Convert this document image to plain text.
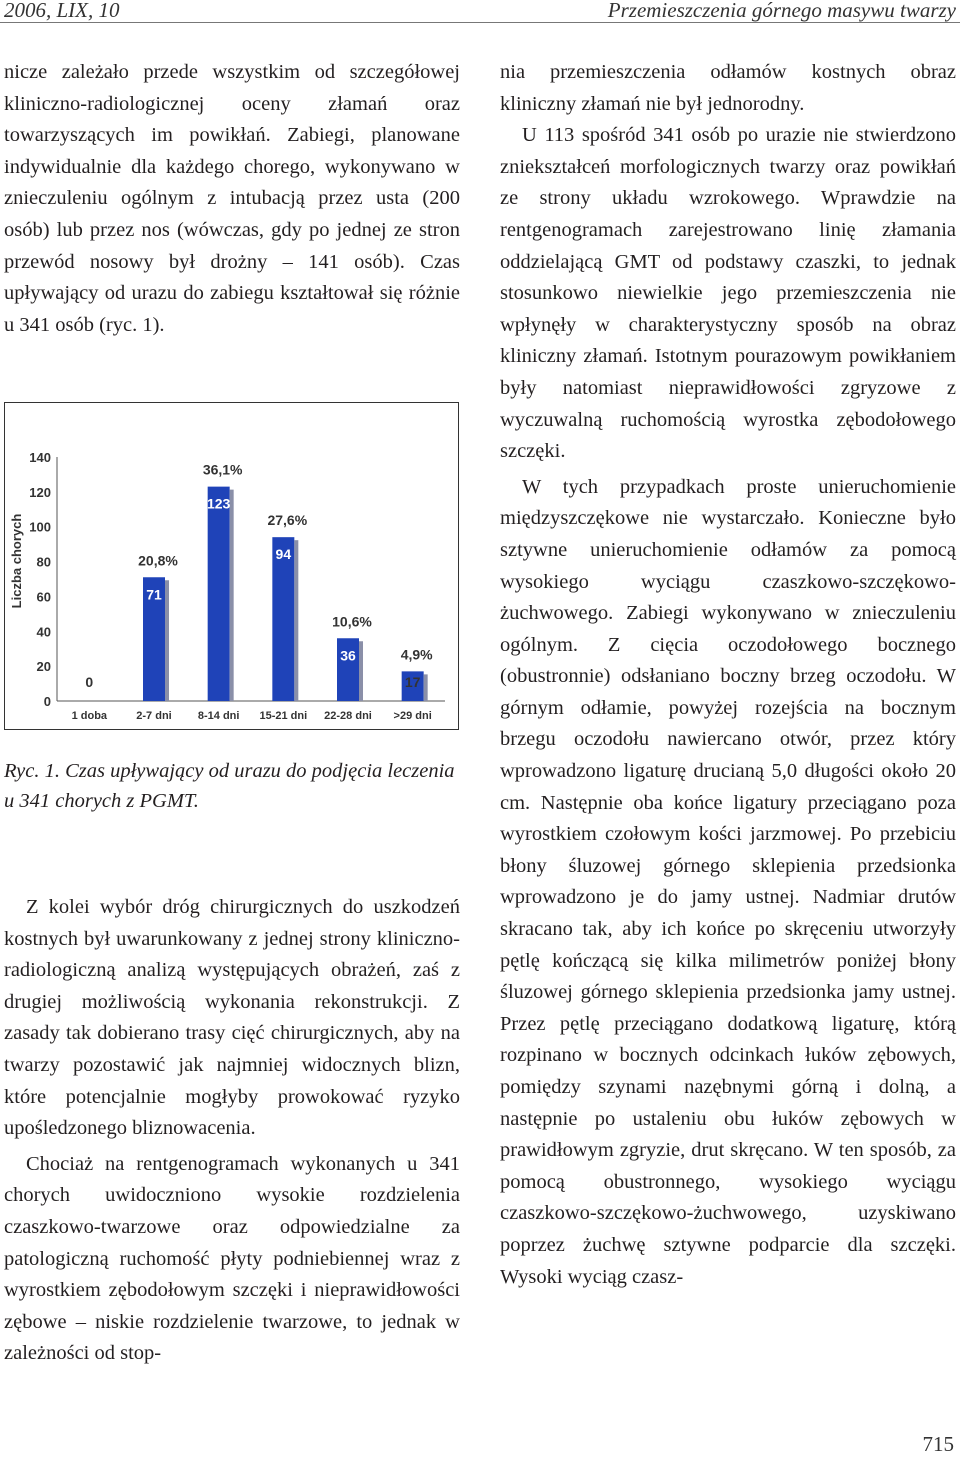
2006, LIX, 10	Przemieszczenia górnego masywu twarzy

nicze zależało przede wszystkim od szczegółowej kliniczno-radiologicznej oceny złamań oraz towarzyszących im powikłań. Zabiegi, planowane indywidualnie dla każdego chorego, wykonywano w znieczuleniu ogólnym z intubacją przez usta (200 osób) lub przez nos (wówczas, gdy po jednej ze stron przewód nosowy był drożny – 141 osób). Czas upływający od urazu do zabiegu kształtował się różnie u 341 osób (ryc. 1).

0
20
40
60
80
100
120
140
Liczba chorych
0
1 doba
71
20,8%
2-7 dni
123
36,1%
8-14 dni
94
27,6%
15-21 dni
36
10,6%
22-28 dni
17
4,9%
>29 dni
Ryc. 1. Czas upływający od urazu do podjęcia leczenia u 341 chorych z PGMT.

Z kolei wybór dróg chirurgicznych do uszkodzeń kostnych był uwarunkowany z jednej strony kliniczno-radiologiczną analizą występujących obrażeń, zaś z drugiej możliwością wykonania rekonstrukcji. Z zasady tak dobierano trasy cięć chirurgicznych, aby na twarzy pozostawić jak najmniej widocznych blizn, które potencjalnie mogłyby prowokować ryzyko upośledzonego bliznowacenia.

Chociaż na rentgenogramach wykonanych u 341 chorych uwidoczniono wysokie rozdzielenia czaszkowo-twarzowe oraz odpowiedzialne za patologiczną ruchomość płyty podniebiennej wraz z wyrostkiem zębodołowym szczęki i nieprawidłowości zębowe – niskie rozdzielenie twarzowe, to jednak w zależności od stop-

nia przemieszczenia odłamów kostnych obraz kliniczny złamań nie był jednorodny.

U 113 spośród 341 osób po urazie nie stwierdzono zniekształceń morfologicznych twarzy oraz powikłań ze strony układu wzrokowego. Wprawdzie na rentgenogramach zarejestrowano linię złamania oddzielającą GMT od podstawy czaszki, to jednak stosunkowo niewielkie jego przemieszczenia nie wpłynęły w charakterystyczny sposób na obraz kliniczny złamań. Istotnym pourazowym powikłaniem były natomiast nieprawidłowości zgryzowe z wyczuwalną ruchomością wyrostka zębodołowego szczęki.

W tych przypadkach proste unieruchomienie międzyszczękowe nie wystarczało. Konieczne było sztywne unieruchomienie odłamów za pomocą wysokiego wyciągu czaszkowo-szczękowo-żuchwowego. Zabiegi wykonywano w znieczuleniu ogólnym. Z cięcia oczodołowego bocznego (obustronnie) odsłaniano boczny brzeg oczodołu. W górnym odłamie, powyżej rozejścia na bocznym brzegu oczodołu nawiercano otwór, przez który wprowadzono ligaturę drucianą 5,0 długości około 20 cm. Następnie oba końce ligatury przeciągano poza wyrostkiem czołowym kości jarzmowej. Po przebiciu błony śluzowej górnego sklepienia przedsionka wprowadzono je do jamy ustnej. Nadmiar drutów skracano tak, aby ich końce po skręceniu utworzyły pętlę kończącą się kilka milimetrów poniżej błony śluzowej górnego sklepienia przedsionka jamy ustnej. Przez pętlę przeciągano dodatkową ligaturę, którą rozpinano w bocznych odcinkach łuków zębowych, pomiędzy szynami nazębnymi górną i dolną, a następnie po ustaleniu obu łuków zębowych w prawidłowym zgryzie, drut skręcano. W ten sposób, za pomocą obustronnego, wysokiego wyciągu czaszkowo-szczękowo-żuchwowego, uzyskiwano poprzez żuchwę sztywne podparcie dla szczęki. Wysoki wyciąg czasz-

715
